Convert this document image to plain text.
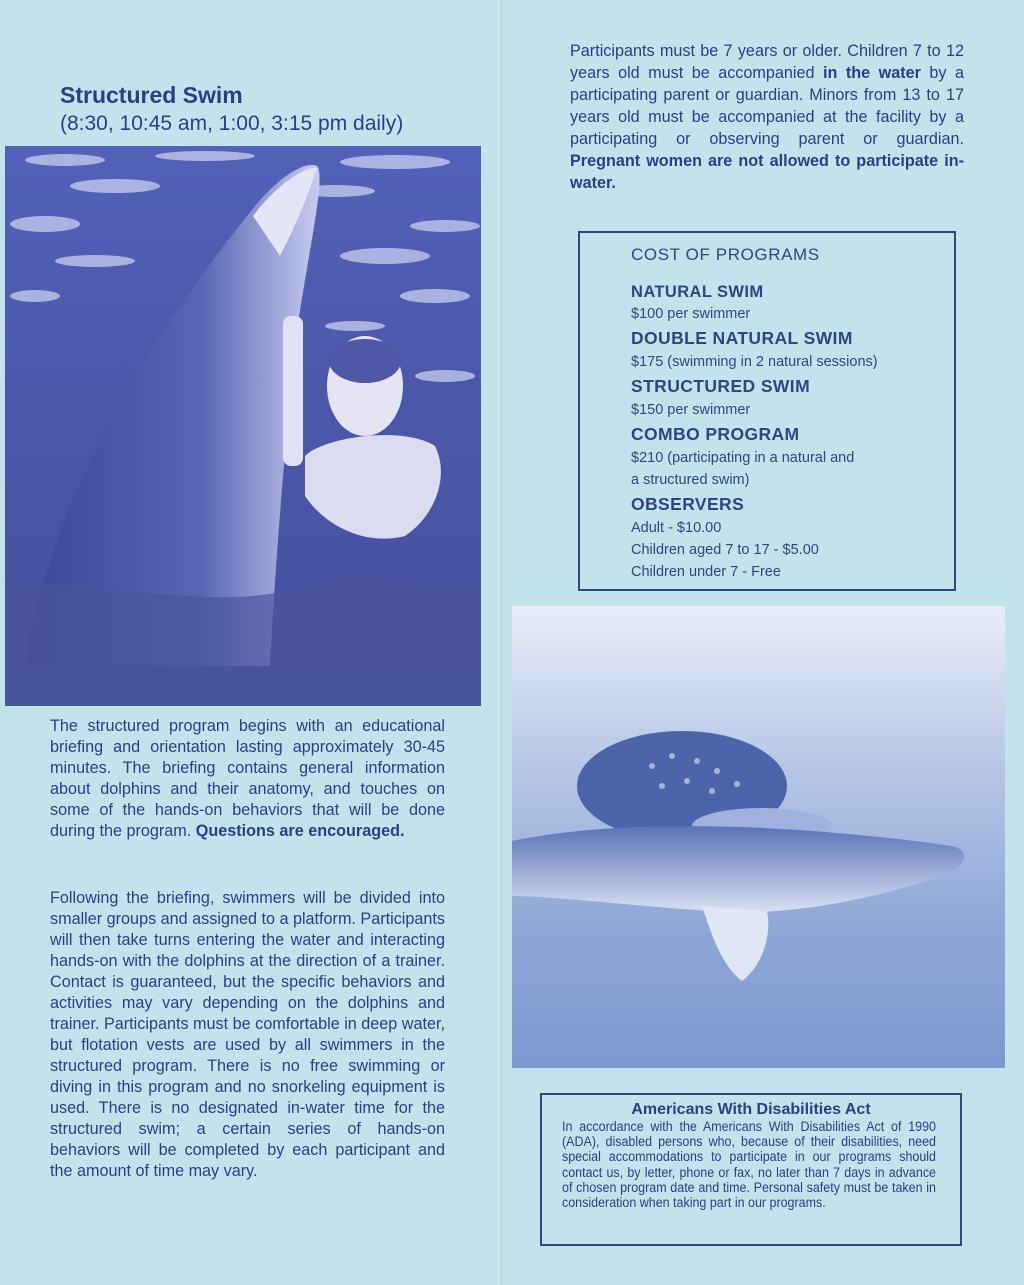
Structured Swim
(8:30, 10:45 am, 1:00, 3:15 pm daily)

The structured program begins with an educational briefing and orientation lasting approximately 30-45 minutes. The briefing contains general information about dolphins and their anatomy, and touches on some of the hands-on behaviors that will be done during the program. Questions are encouraged.

Following the briefing, swimmers will be divided into smaller groups and assigned to a platform. Participants will then take turns entering the water and interacting hands-on with the dolphins at the direction of a trainer. Contact is guaranteed, but the specific behaviors and activities may vary depending on the dolphins and trainer. Participants must be comfortable in deep water, but flotation vests are used by all swimmers in the structured program. There is no free swimming or diving in this program and no snorkeling equipment is used. There is no designated in-water time for the structured swim; a certain series of hands-on behaviors will be completed by each participant and the amount of time may vary.

Participants must be 7 years or older. Children 7 to 12 years old must be accompanied in the water by a participating parent or guardian. Minors from 13 to 17 years old must be accompanied at the facility by a participating or observing parent or guardian. Pregnant women are not allowed to participate in-water.

COST OF PROGRAMS
NATURAL SWIM
$100 per swimmer
DOUBLE NATURAL SWIM
$175 (swimming in 2 natural sessions)
STRUCTURED SWIM
$150 per swimmer
COMBO PROGRAM
$210 (participating in a natural and
a structured swim)
OBSERVERS
Adult - $10.00
Children aged 7 to 17 - $5.00
Children under 7 - Free
Americans With Disabilities Act
In accordance with the Americans With Disabilities Act of 1990 (ADA), disabled persons who, because of their disabilities, need special accommodations to participate in our programs should contact us, by letter, phone or fax, no later than 7 days in advance of chosen program date and time. Personal safety must be taken in consideration when taking part in our programs.
